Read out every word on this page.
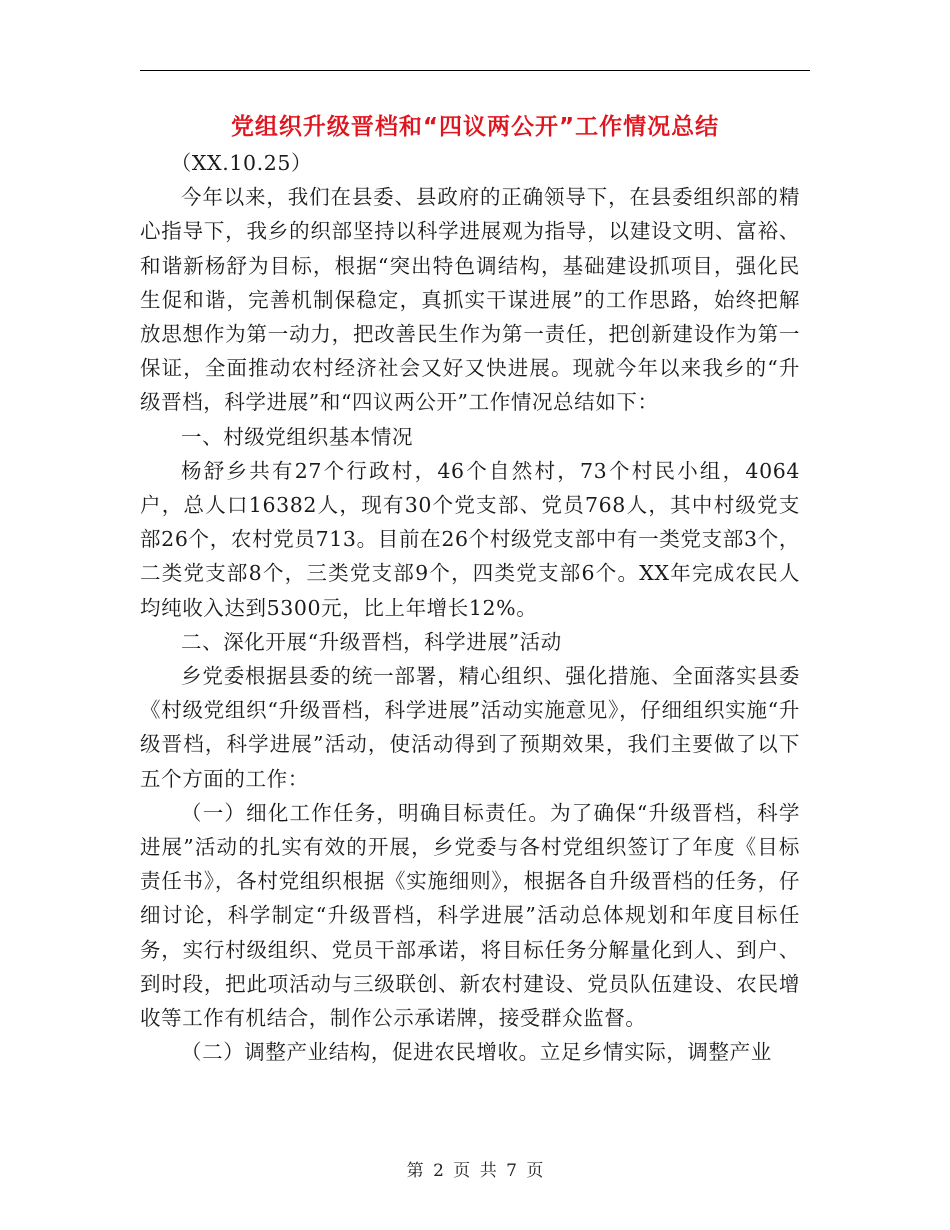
党组织升级晋档和“四议两公开”工作情况总结

（XX.10.25）

今年以来，我们在县委、县政府的正确领导下，在县委组织部的精心指导下，我乡的织部坚持以科学进展观为指导，以建设文明、富裕、和谐新杨舒为目标，根据“突出特色调结构，基础建设抓项目，强化民生促和谐，完善机制保稳定，真抓实干谋进展”的工作思路，始终把解放思想作为第一动力，把改善民生作为第一责任，把创新建设作为第一保证，全面推动农村经济社会又好又快进展。现就今年以来我乡的“升级晋档，科学进展”和“四议两公开”工作情况总结如下：

一、村级党组织基本情况

杨舒乡共有27个行政村，46个自然村，73个村民小组，4064户，总人口16382人，现有30个党支部、党员768人，其中村级党支部26个，农村党员713。目前在26个村级党支部中有一类党支部3个，二类党支部8个，三类党支部9个，四类党支部6个。XX年完成农民人均纯收入达到5300元，比上年增长12%。

二、深化开展“升级晋档，科学进展”活动

乡党委根据县委的统一部署，精心组织、强化措施、全面落实县委《村级党组织“升级晋档，科学进展”活动实施意见》，仔细组织实施“升级晋档，科学进展”活动，使活动得到了预期效果，我们主要做了以下五个方面的工作：

（一）细化工作任务，明确目标责任。为了确保“升级晋档，科学进展”活动的扎实有效的开展，乡党委与各村党组织签订了年度《目标责任书》，各村党组织根据《实施细则》，根据各自升级晋档的任务，仔细讨论，科学制定“升级晋档，科学进展”活动总体规划和年度目标任务，实行村级组织、党员干部承诺，将目标任务分解量化到人、到户、到时段，把此项活动与三级联创、新农村建设、党员队伍建设、农民增收等工作有机结合，制作公示承诺牌，接受群众监督。

（二）调整产业结构，促进农民增收。立足乡情实际，调整产业

第 2 页 共 7 页
